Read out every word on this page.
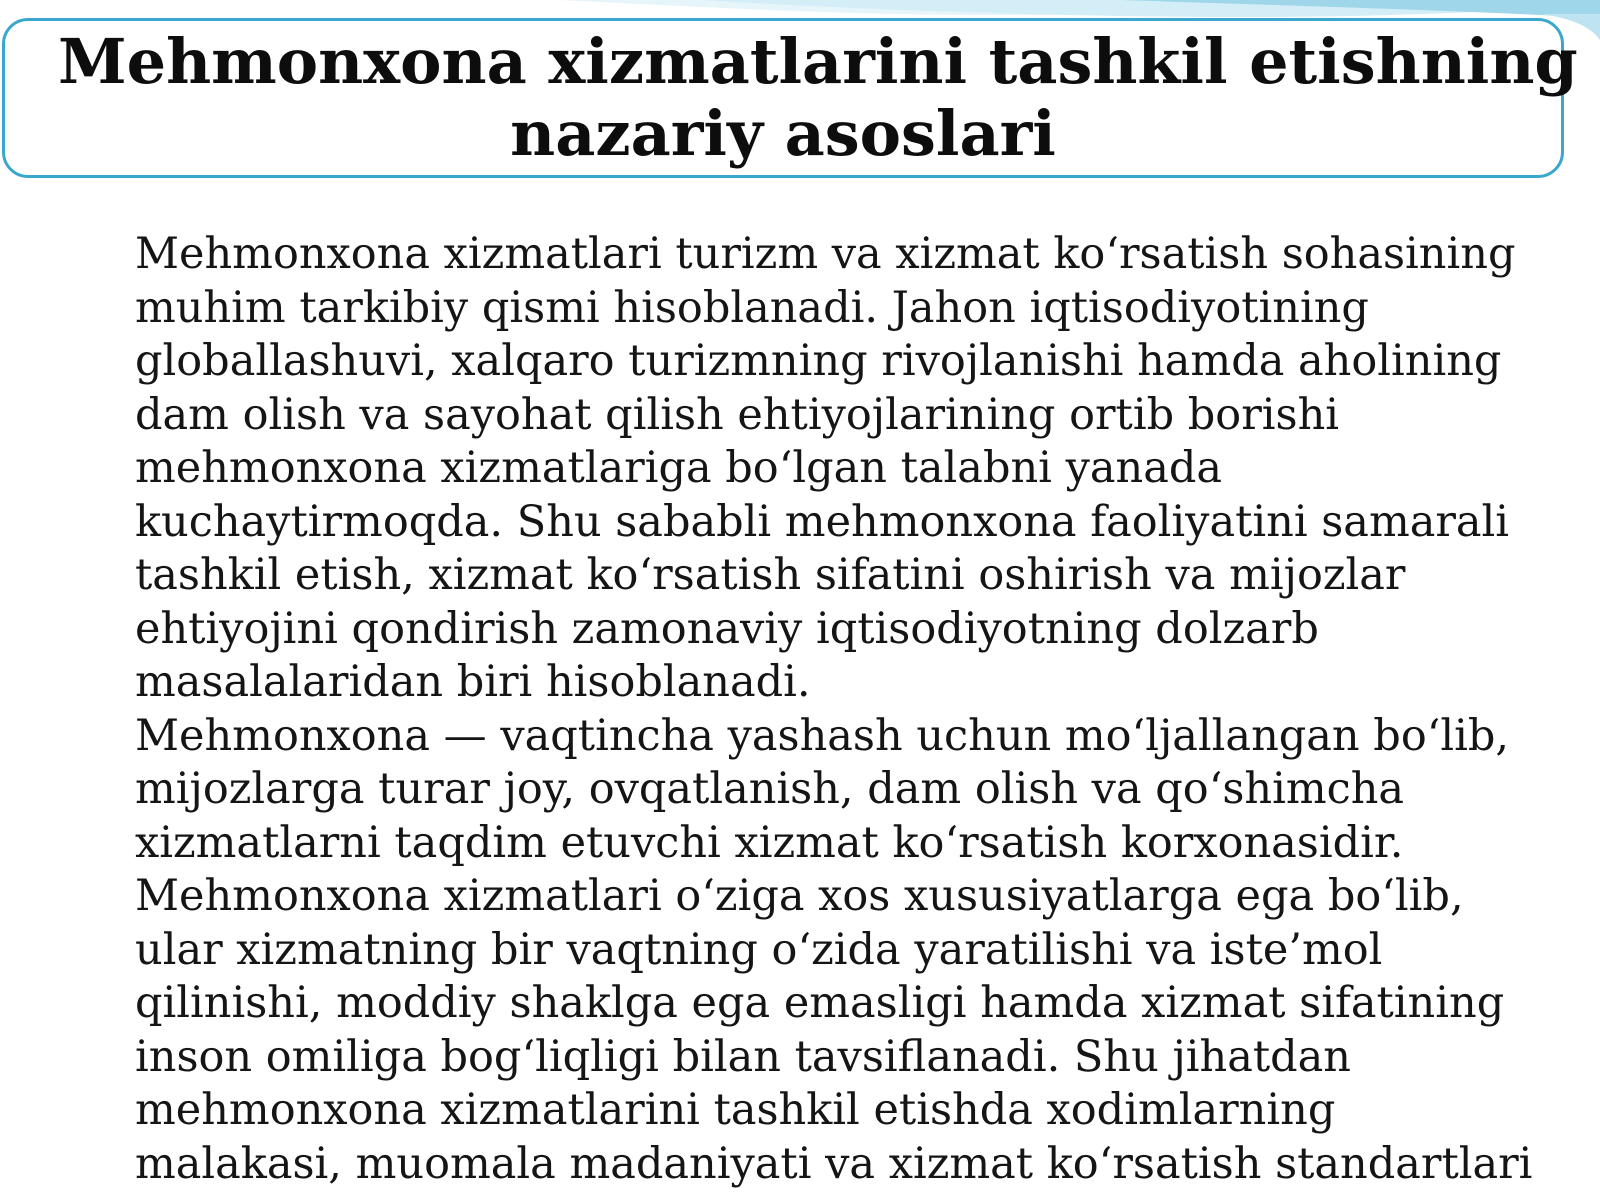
Mehmonxona xizmatlarini tashkil etishning
nazariy asoslari
Mehmonxona xizmatlari turizm va xizmat ko‘rsatish sohasining
muhim tarkibiy qismi hisoblanadi. Jahon iqtisodiyotining
globallashuvi, xalqaro turizmning rivojlanishi hamda aholining
dam olish va sayohat qilish ehtiyojlarining ortib borishi
mehmonxona xizmatlariga bo‘lgan talabni yanada
kuchaytirmoqda. Shu sababli mehmonxona faoliyatini samarali
tashkil etish, xizmat ko‘rsatish sifatini oshirish va mijozlar
ehtiyojini qondirish zamonaviy iqtisodiyotning dolzarb
masalalaridan biri hisoblanadi.
Mehmonxona — vaqtincha yashash uchun mo‘ljallangan bo‘lib,
mijozlarga turar joy, ovqatlanish, dam olish va qo‘shimcha
xizmatlarni taqdim etuvchi xizmat ko‘rsatish korxonasidir.
Mehmonxona xizmatlari o‘ziga xos xususiyatlarga ega bo‘lib,
ular xizmatning bir vaqtning o‘zida yaratilishi va iste’mol
qilinishi, moddiy shaklga ega emasligi hamda xizmat sifatining
inson omiliga bog‘liqligi bilan tavsiflanadi. Shu jihatdan
mehmonxona xizmatlarini tashkil etishda xodimlarning
malakasi, muomala madaniyati va xizmat ko‘rsatish standartlari
